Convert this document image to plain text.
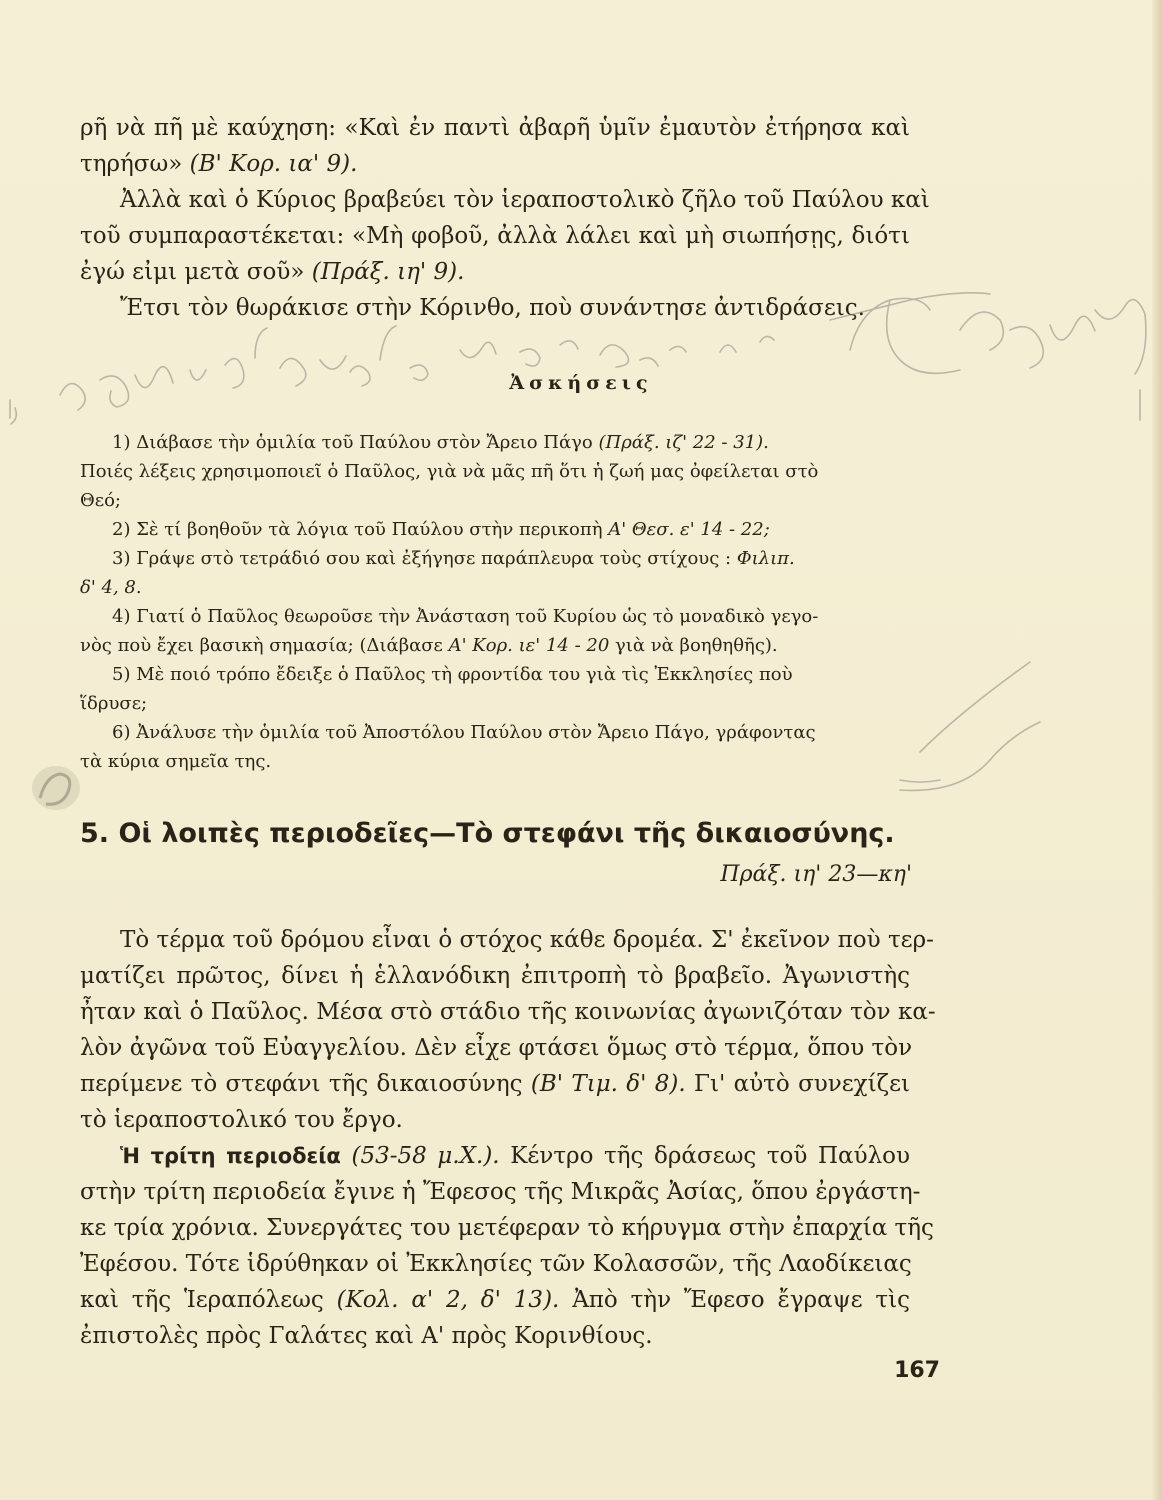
ρῆ νὰ πῆ μὲ καύχηση: «Καὶ ἐν παντὶ ἀβαρῆ ὑμῖν ἐμαυτὸν ἐτήρησα καὶ
τηρήσω» (Β' Κορ. ια' 9).

Ἀλλὰ καὶ ὁ Κύριος βραβεύει τὸν ἱεραποστολικὸ ζῆλο τοῦ Παύλου καὶ
τοῦ συμπαραστέκεται: «Μὴ φοβοῦ, ἀλλὰ λάλει καὶ μὴ σιωπήσῃς, διότι
ἐγώ εἰμι μετὰ σοῦ» (Πράξ. ιη' 9).

Ἔτσι τὸν θωράκισε στὴν Κόρινθο, ποὺ συνάντησε ἀντιδράσεις.

Ἀσκήσεις

1) Διάβασε τὴν ὁμιλία τοῦ Παύλου στὸν Ἄρειο Πάγο (Πράξ. ιζ' 22 - 31).
Ποιές λέξεις χρησιμοποιεῖ ὁ Παῦλος, γιὰ νὰ μᾶς πῆ ὅτι ἡ ζωή μας ὀφείλεται στὸ
Θεό;
2) Σὲ τί βοηθοῦν τὰ λόγια τοῦ Παύλου στὴν περικοπὴ Α' Θεσ. ε' 14 - 22;
3) Γράψε στὸ τετράδιό σου καὶ ἐξήγησε παράπλευρα τοὺς στίχους : Φιλιπ.
δ' 4, 8.
4) Γιατί ὁ Παῦλος θεωροῦσε τὴν Ἀνάσταση τοῦ Κυρίου ὡς τὸ μοναδικὸ γεγο-
νὸς ποὺ ἔχει βασικὴ σημασία; (Διάβασε Α' Κορ. ιε' 14 - 20 γιὰ νὰ βοηθηθῆς).
5) Μὲ ποιό τρόπο ἔδειξε ὁ Παῦλος τὴ φροντίδα του γιὰ τὶς Ἐκκλησίες ποὺ
ἵδρυσε;
6) Ἀνάλυσε τὴν ὁμιλία τοῦ Ἀποστόλου Παύλου στὸν Ἄρειο Πάγο, γράφοντας
τὰ κύρια σημεῖα της.
5. Οἱ λοιπὲς περιοδεῖες—Τὸ στεφάνι τῆς δικαιοσύνης.

Πράξ. ιη' 23—κη'

Τὸ τέρμα τοῦ δρόμου εἶναι ὁ στόχος κάθε δρομέα. Σ' ἐκεῖνον ποὺ τερ-
ματίζει πρῶτος, δίνει ἡ ἑλλανόδικη ἐπιτροπὴ τὸ βραβεῖο. Ἀγωνιστὴς
ἦταν καὶ ὁ Παῦλος. Μέσα στὸ στάδιο τῆς κοινωνίας ἀγωνιζόταν τὸν κα-
λὸν ἀγῶνα τοῦ Εὐαγγελίου. Δὲν εἶχε φτάσει ὅμως στὸ τέρμα, ὅπου τὸν
περίμενε τὸ στεφάνι τῆς δικαιοσύνης (Β' Τιμ. δ' 8). Γι' αὐτὸ συνεχίζει
τὸ ἱεραποστολικό του ἔργο.

Ἡ τρίτη περιοδεία (53-58 μ.Χ.). Κέντρο τῆς δράσεως τοῦ Παύλου
στὴν τρίτη περιοδεία ἔγινε ἡ Ἔφεσος τῆς Μικρᾶς Ἀσίας, ὅπου ἐργάστη-
κε τρία χρόνια. Συνεργάτες του μετέφεραν τὸ κήρυγμα στὴν ἐπαρχία τῆς
Ἐφέσου. Τότε ἱδρύθηκαν οἱ Ἐκκλησίες τῶν Κολασσῶν, τῆς Λαοδίκειας
καὶ τῆς Ἱεραπόλεως (Κολ. α' 2, δ' 13). Ἀπὸ τὴν Ἔφεσο ἔγραψε τὶς
ἐπιστολὲς πρὸς Γαλάτες καὶ Α' πρὸς Κορινθίους.

167
